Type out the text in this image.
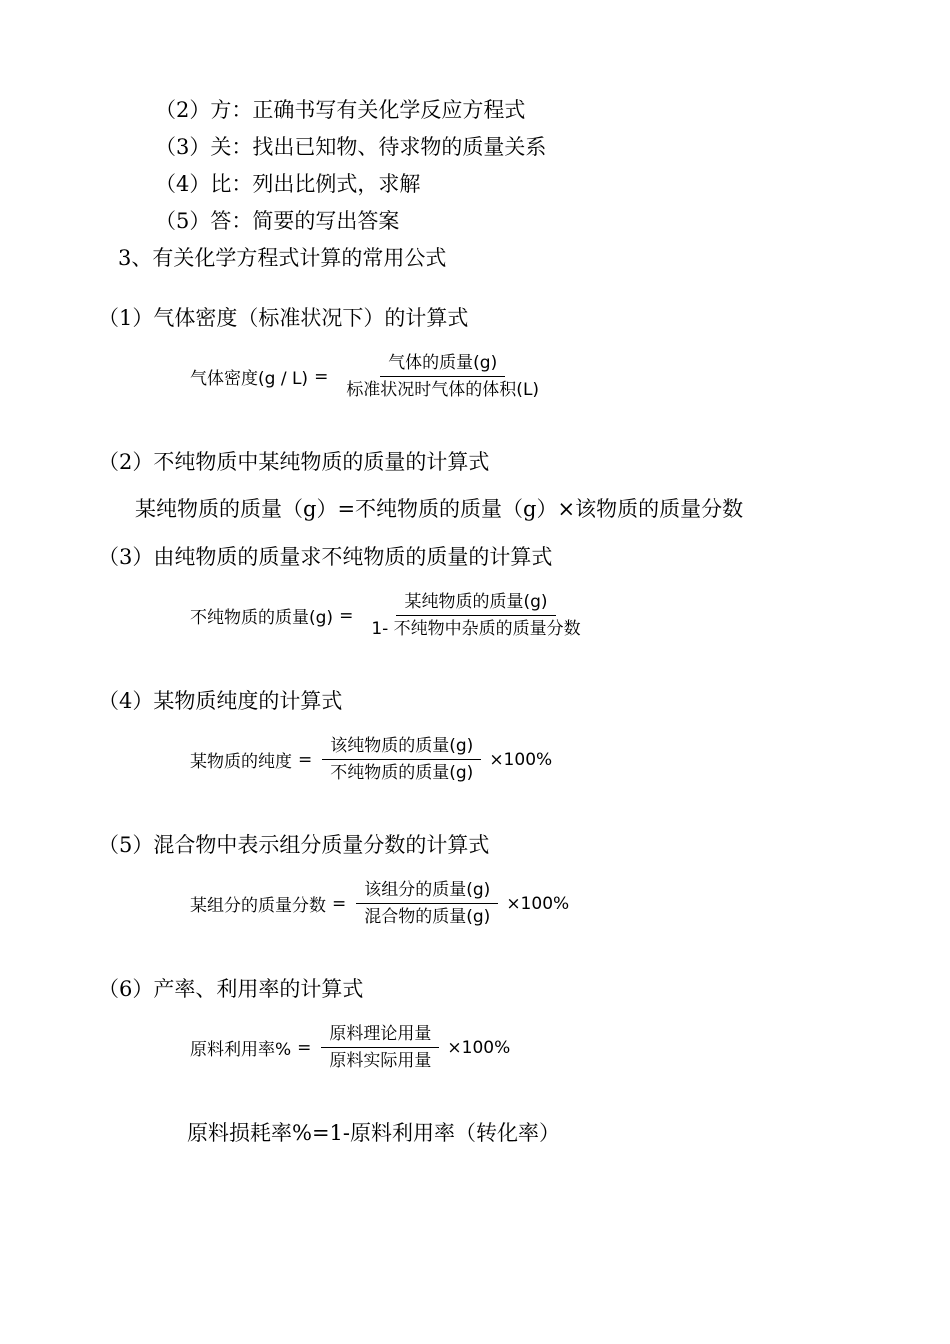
（2）方：正确书写有关化学反应方程式
（3）关：找出已知物、待求物的质量关系
（4）比：列出比例式，求解
（5）答：简要的写出答案
3、有关化学方程式计算的常用公式
（1）气体密度（标准状况下）的计算式
气体密度$(g / L) = \frac{\text{气体的质量(g)}}{\text{标准状况时气体的体积(L)}}$
（2）不纯物质中某纯物质的质量的计算式
某纯物质的质量（g）=不纯物质的质量（g）×该物质的质量分数
（3）由纯物质的质量求不纯物质的质量的计算式
不纯物质的质量$(g) = \frac{\text{某纯物质的质量(g)}}{\text{1- 不纯物中杂质的质量分数}}$
（4）某物质纯度的计算式
某物质的纯度 = $\frac{\text{该纯物质的质量(g)}}{\text{不纯物质的质量(g)}} \times 100\%$
（5）混合物中表示组分质量分数的计算式
某组分的质量分数 = $\frac{\text{该组分的质量(g)}}{\text{混合物的质量(g)}} \times 100\%$
（6）产率、利用率的计算式
原料利用率% = $\frac{\text{原料理论用量}}{\text{原料实际用量}} \times 100\%$
原料损耗率%=1-原料利用率（转化率）
